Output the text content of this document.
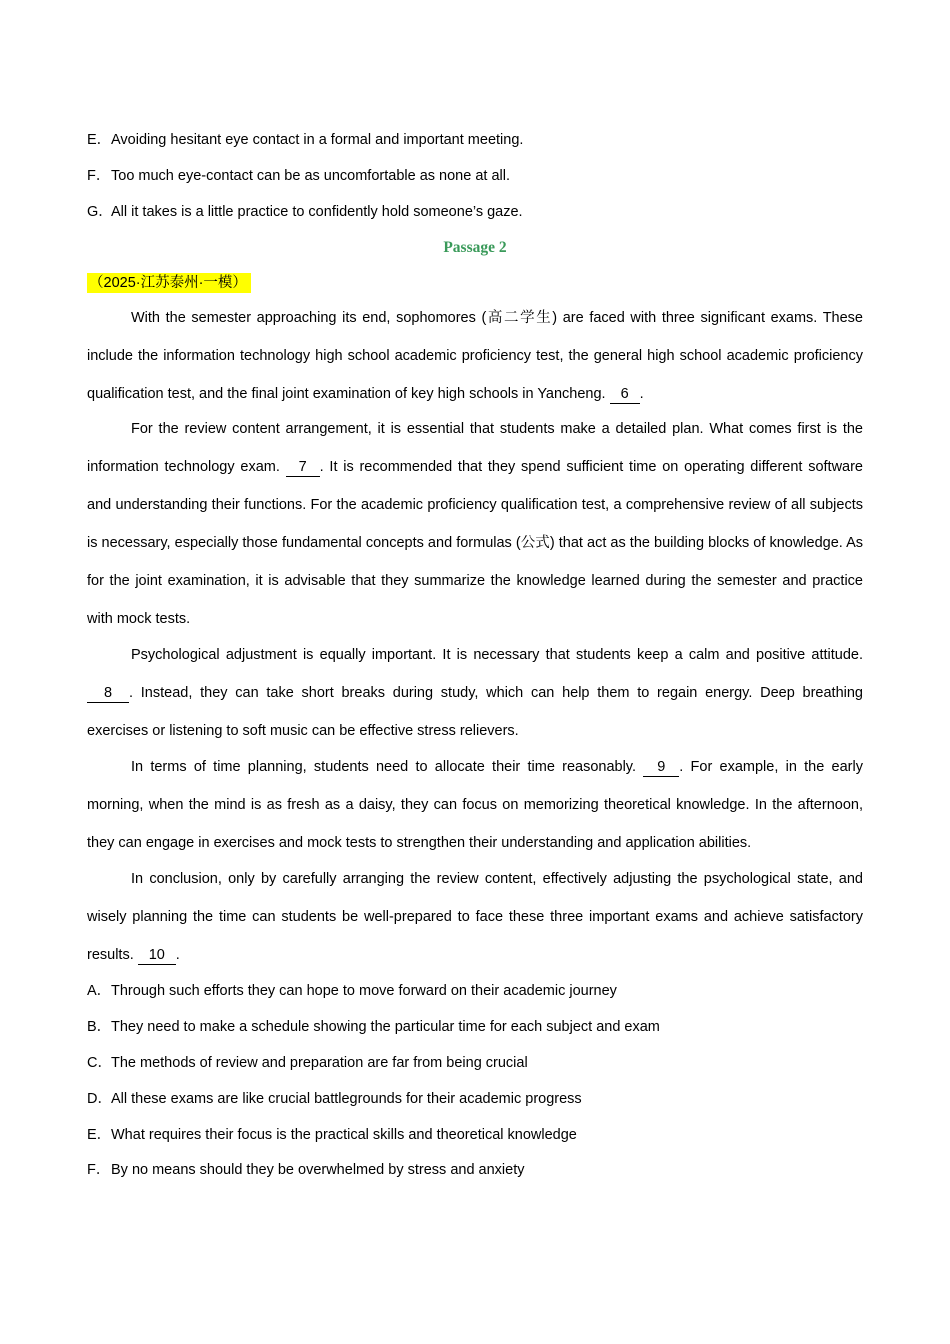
E．Avoiding hesitant eye contact in a formal and important meeting.
F．Too much eye-contact can be as uncomfortable as none at all.
G．All it takes is a little practice to confidently hold someone’s gaze.
Passage 2
（2025·江苏泰州·一模）
With the semester approaching its end, sophomores (高二学生) are faced with three significant exams. These include the information technology high school academic proficiency test, the general high school academic proficiency qualification test, and the final joint examination of key high schools in Yancheng. 6 .
For the review content arrangement, it is essential that students make a detailed plan. What comes first is the information technology exam. 7 . It is recommended that they spend sufficient time on operating different software and understanding their functions. For the academic proficiency qualification test, a comprehensive review of all subjects is necessary, especially those fundamental concepts and formulas (公式) that act as the building blocks of knowledge. As for the joint examination, it is advisable that they summarize the knowledge learned during the semester and practice with mock tests.
Psychological adjustment is equally important. It is necessary that students keep a calm and positive attitude. 8 . Instead, they can take short breaks during study, which can help them to regain energy. Deep breathing exercises or listening to soft music can be effective stress relievers.
In terms of time planning, students need to allocate their time reasonably. 9 . For example, in the early morning, when the mind is as fresh as a daisy, they can focus on memorizing theoretical knowledge. In the afternoon, they can engage in exercises and mock tests to strengthen their understanding and application abilities.
In conclusion, only by carefully arranging the review content, effectively adjusting the psychological state, and wisely planning the time can students be well-prepared to face these three important exams and achieve satisfactory results. 10 .
A．Through such efforts they can hope to move forward on their academic journey
B．They need to make a schedule showing the particular time for each subject and exam
C．The methods of review and preparation are far from being crucial
D．All these exams are like crucial battlegrounds for their academic progress
E．What requires their focus is the practical skills and theoretical knowledge
F．By no means should they be overwhelmed by stress and anxiety
